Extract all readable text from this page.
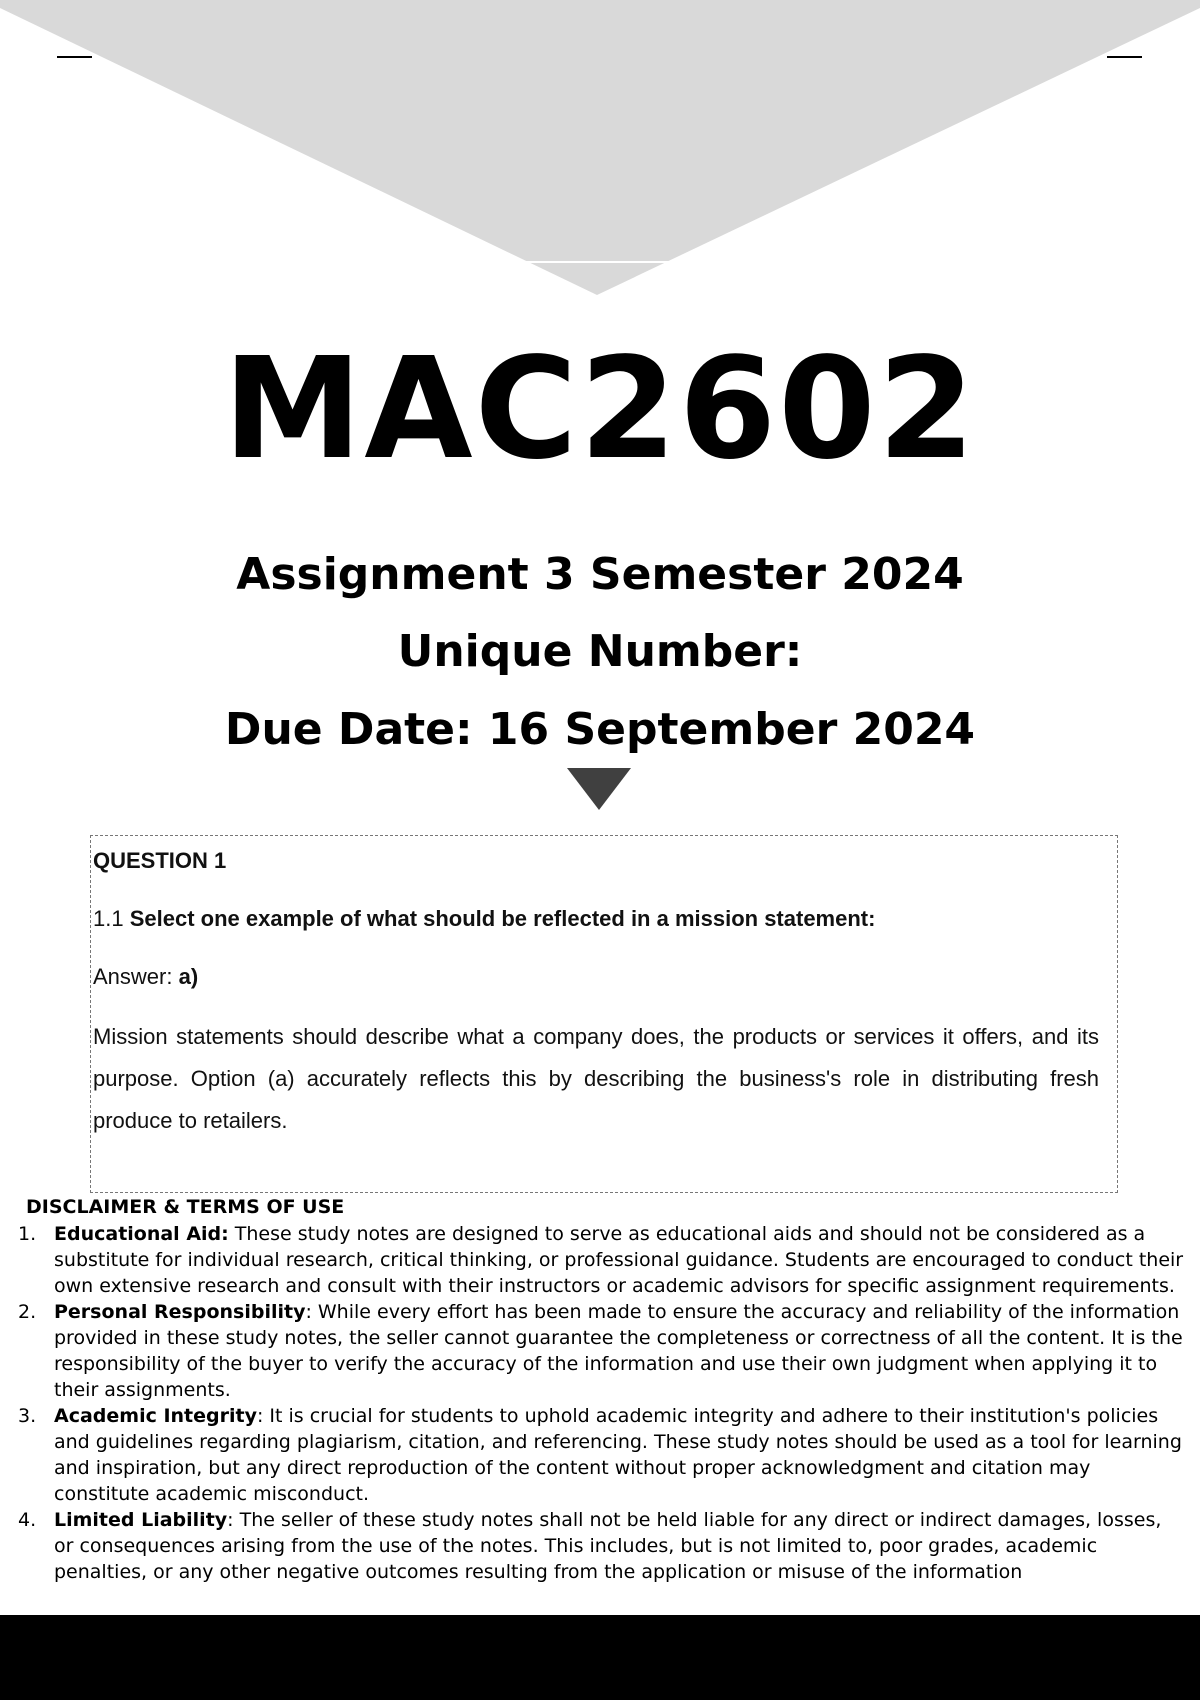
MAC2602
Assignment 3 Semester 2024
Unique Number:
Due Date: 16 September 2024
QUESTION 1
1.1 Select one example of what should be reflected in a mission statement:
Answer: a)
Mission statements should describe what a company does, the products or services it offers, and its purpose. Option (a) accurately reflects this by describing the business's role in distributing fresh produce to retailers.
DISCLAIMER & TERMS OF USE
1. Educational Aid: These study notes are designed to serve as educational aids and should not be considered as a substitute for individual research, critical thinking, or professional guidance. Students are encouraged to conduct their own extensive research and consult with their instructors or academic advisors for specific assignment requirements.
2. Personal Responsibility: While every effort has been made to ensure the accuracy and reliability of the information provided in these study notes, the seller cannot guarantee the completeness or correctness of all the content. It is the responsibility of the buyer to verify the accuracy of the information and use their own judgment when applying it to their assignments.
3. Academic Integrity: It is crucial for students to uphold academic integrity and adhere to their institution's policies and guidelines regarding plagiarism, citation, and referencing. These study notes should be used as a tool for learning and inspiration, but any direct reproduction of the content without proper acknowledgment and citation may constitute academic misconduct.
4. Limited Liability: The seller of these study notes shall not be held liable for any direct or indirect damages, losses, or consequences arising from the use of the notes. This includes, but is not limited to, poor grades, academic penalties, or any other negative outcomes resulting from the application or misuse of the information
